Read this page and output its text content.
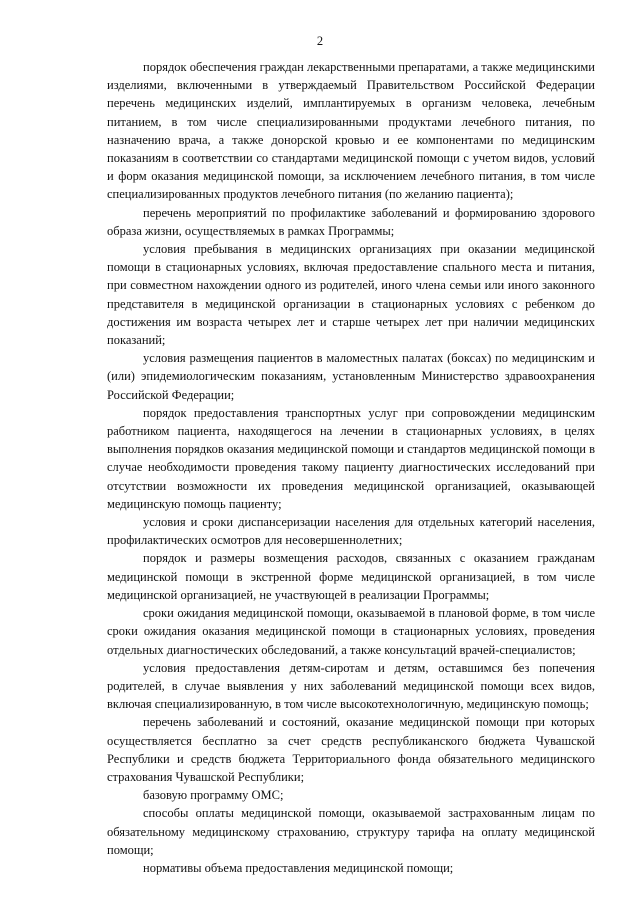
2

порядок обеспечения граждан лекарственными препаратами, а также медицинскими изделиями, включенными в утверждаемый Правительством Российской Федерации перечень медицинских изделий, имплантируемых в организм человека, лечебным питанием, в том числе специализированными продуктами лечебного питания, по назначению врача, а также донорской кровью и ее компонентами по медицинским показаниям в соответствии со стандартами медицинской помощи с учетом видов, условий и форм оказания медицинской помощи, за исключением лечебного питания, в том числе специализированных продуктов лечебного питания (по желанию пациента);

перечень мероприятий по профилактике заболеваний и формированию здорового образа жизни, осуществляемых в рамках Программы;

условия пребывания в медицинских организациях при оказании медицинской помощи в стационарных условиях, включая предоставление спального места и питания, при совместном нахождении одного из родителей, иного члена семьи или иного законного представителя в медицинской организации в стационарных условиях с ребенком до достижения им возраста четырех лет и старше четырех лет при наличии медицинских показаний;

условия размещения пациентов в маломестных палатах (боксах) по медицинским и (или) эпидемиологическим показаниям, установленным Министерство здравоохранения Российской Федерации;

порядок предоставления транспортных услуг при сопровождении медицинским работником пациента, находящегося на лечении в стационарных условиях, в целях выполнения порядков оказания медицинской помощи и стандартов медицинской помощи в случае необходимости проведения такому пациенту диагностических исследований при отсутствии возможности их проведения медицинской организацией, оказывающей медицинскую помощь пациенту;

условия и сроки диспансеризации населения для отдельных категорий населения, профилактических осмотров для несовершеннолетних;

порядок и размеры возмещения расходов, связанных с оказанием гражданам медицинской помощи в экстренной форме медицинской организацией, в том числе медицинской организацией, не участвующей в реализации Программы;

сроки ожидания медицинской помощи, оказываемой в плановой форме, в том числе сроки ожидания оказания медицинской помощи в стационарных условиях, проведения отдельных диагностических обследований, а также консультаций врачей-специалистов;

условия предоставления детям-сиротам и детям, оставшимся без попечения родителей, в случае выявления у них заболеваний медицинской помощи всех видов, включая специализированную, в том числе высокотехнологичную, медицинскую помощь;

перечень заболеваний и состояний, оказание медицинской помощи при которых осуществляется бесплатно за счет средств республиканского бюджета Чувашской Республики и средств бюджета Территориального фонда обязательного медицинского страхования Чувашской Республики;

базовую программу ОМС;

способы оплаты медицинской помощи, оказываемой застрахованным лицам по обязательному медицинскому страхованию, структуру тарифа на оплату медицинской помощи;

нормативы объема предоставления медицинской помощи;
